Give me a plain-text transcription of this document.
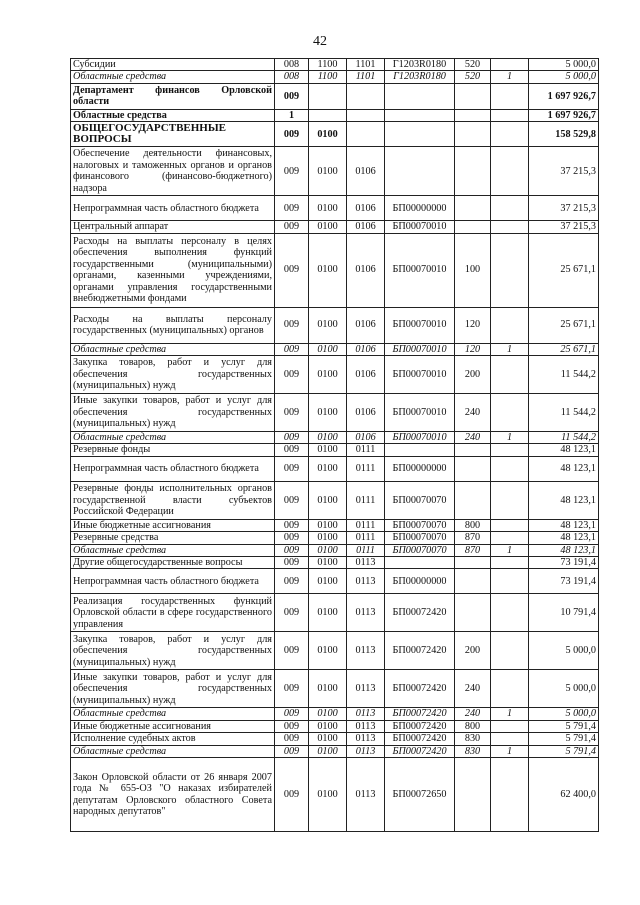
42
Субсидии	008	1100	1101	Г1203R0180	520		5 000,0
Областные средства	008	1100	1101	Г1203R0180	520	1	5 000,0
Департамент финансов Орловской области	009						1 697 926,7
Областные средства	1						1 697 926,7
ОБЩЕГОСУДАРСТВЕННЫЕ ВОПРОСЫ	009	0100					158 529,8
Обеспечение деятельности финансовых, налоговых и таможенных органов и органов финансового (финансово-бюджетного) надзора	009	0100	0106				37 215,3
Непрограммная часть областного бюджета	009	0100	0106	БП00000000			37 215,3
Центральный аппарат	009	0100	0106	БП00070010			37 215,3
Расходы на выплаты персоналу в целях обеспечения выполнения функций государственными (муниципальными) органами, казенными учреждениями, органами управления государственными внебюджетными фондами	009	0100	0106	БП00070010	100		25 671,1
Расходы на выплаты персоналу государственных (муниципальных) органов	009	0100	0106	БП00070010	120		25 671,1
Областные средства	009	0100	0106	БП00070010	120	1	25 671,1
Закупка товаров, работ и услуг для обеспечения государственных (муниципальных) нужд	009	0100	0106	БП00070010	200		11 544,2
Иные закупки товаров, работ и услуг для обеспечения государственных (муниципальных) нужд	009	0100	0106	БП00070010	240		11 544,2
Областные средства	009	0100	0106	БП00070010	240	1	11 544,2
Резервные фонды	009	0100	0111				48 123,1
Непрограммная часть областного бюджета	009	0100	0111	БП00000000			48 123,1
Резервные фонды исполнительных органов государственной власти субъектов Российской Федерации	009	0100	0111	БП00070070			48 123,1
Иные бюджетные ассигнования	009	0100	0111	БП00070070	800		48 123,1
Резервные средства	009	0100	0111	БП00070070	870		48 123,1
Областные средства	009	0100	0111	БП00070070	870	1	48 123,1
Другие общегосударственные вопросы	009	0100	0113				73 191,4
Непрограммная часть областного бюджета	009	0100	0113	БП00000000			73 191,4
Реализация государственных функций Орловской области в сфере государственного управления	009	0100	0113	БП00072420			10 791,4
Закупка товаров, работ и услуг для обеспечения государственных (муниципальных) нужд	009	0100	0113	БП00072420	200		5 000,0
Иные закупки товаров, работ и услуг для обеспечения государственных (муниципальных) нужд	009	0100	0113	БП00072420	240		5 000,0
Областные средства	009	0100	0113	БП00072420	240	1	5 000,0
Иные бюджетные ассигнования	009	0100	0113	БП00072420	800		5 791,4
Исполнение судебных актов	009	0100	0113	БП00072420	830		5 791,4
Областные средства	009	0100	0113	БП00072420	830	1	5 791,4
Закон Орловской области от 26 января 2007 года № 655-ОЗ "О наказах избирателей депутатам Орловского областного Совета народных депутатов"	009	0100	0113	БП00072650			62 400,0
